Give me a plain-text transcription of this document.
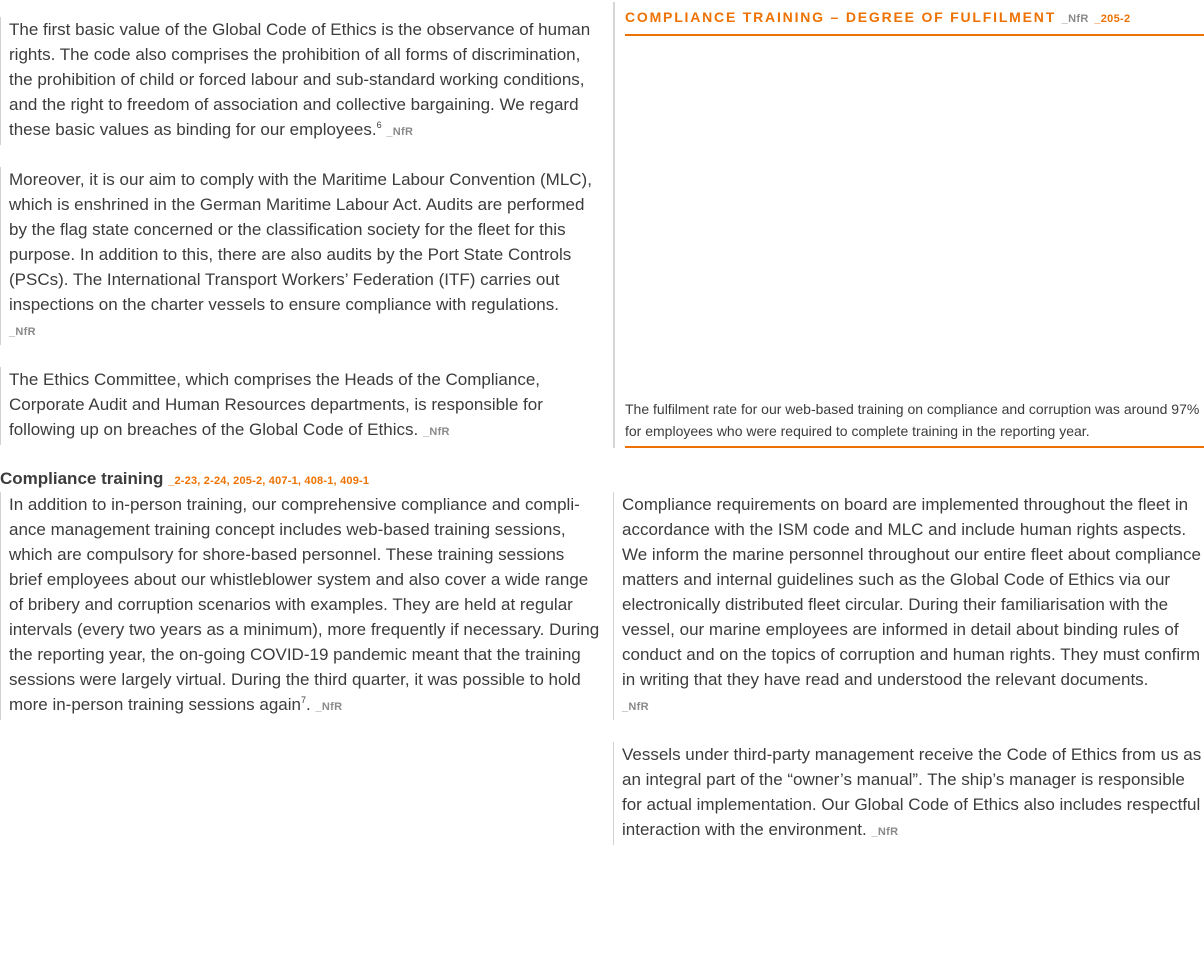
The first basic value of the Global Code of Ethics is the observance of human rights. The code also comprises the prohibition of all forms of discrimination, the prohibition of child or forced labour and sub-standard working conditions, and the right to freedom of association and collective bargaining. We regard these basic values as binding for our employees.$^6$ _NfR

Moreover, it is our aim to comply with the Maritime Labour Convention (MLC), which is enshrined in the German Maritime Labour Act. Audits are performed by the flag state concerned or the classification society for the fleet for this purpose. In addition to this, there are also audits by the Port State Controls (PSCs). The International Transport Workers’ Federation (ITF) carries out inspections on the charter vessels to ensure compliance with regulations.
_NfR

The Ethics Committee, which comprises the Heads of the Compliance, Corporate Audit and Human Resources departments, is responsible for following up on breaches of the Global Code of Ethics. _NfR

Compliance training _2-23, 2-24, 205-2, 407-1, 408-1, 409-1

In addition to in-person training, our comprehensive compliance and compliance management training concept includes web-based training sessions, which are compulsory for shore-based personnel. These training sessions brief employees about our whistleblower system and also cover a wide range of bribery and corruption scenarios with examples. They are held at regular intervals (every two years as a minimum), more frequently if necessary. During the reporting year, the on-going COVID-19 pandemic meant that the training sessions were largely virtual. During the third quarter, it was possible to hold more in-person training sessions again$^7$. _NfR

COMPLIANCE TRAINING – DEGREE OF FULFILMENT _NfR _205-2

The fulfilment rate for our web-based training on compliance and corruption was around 97% for employees who were required to complete training in the reporting year.

Compliance requirements on board are implemented throughout the fleet in accordance with the ISM code and MLC and include human rights aspects. We inform the marine personnel throughout our entire fleet about compliance matters and internal guidelines such as the Global Code of Ethics via our electronically distributed fleet circular. During their familiarisation with the vessel, our marine employees are informed in detail about binding rules of conduct and on the topics of corruption and human rights. They must confirm in writing that they have read and understood the relevant documents.
_NfR

Vessels under third-party management receive the Code of Ethics from us as an integral part of the “owner’s manual”. The ship’s manager is responsible for actual implementation. Our Global Code of Ethics also includes respectful interaction with the environment. _NfR
